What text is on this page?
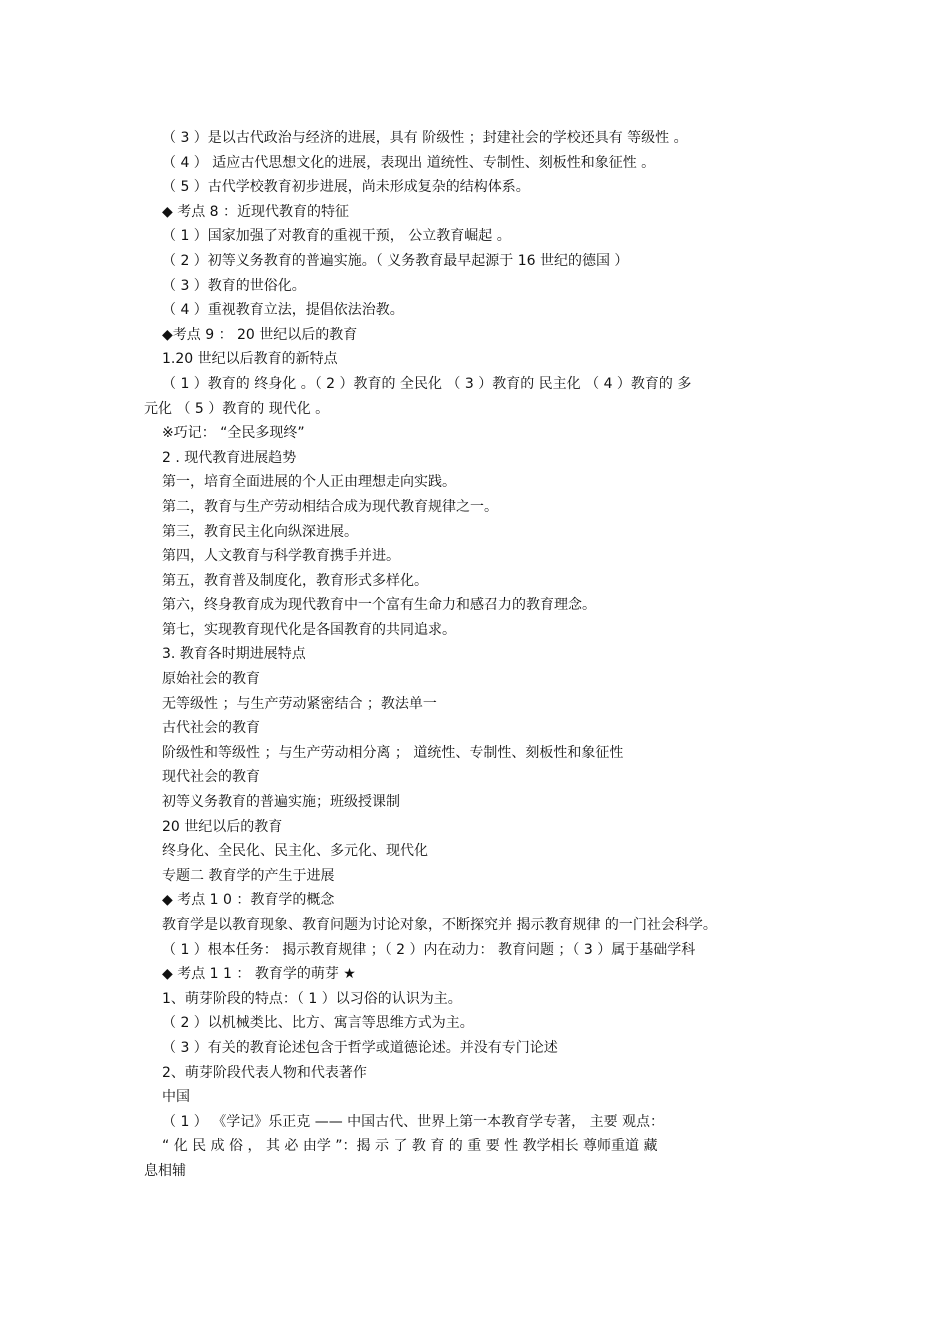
（ 3 ）是以古代政治与经济的进展，具有 阶级性 ；封建社会的学校还具有 等级性 。
（ 4 ） 适应古代思想文化的进展，表现出 道统性、专制性、刻板性和象征性 。
（ 5 ）古代学校教育初步进展，尚未形成复杂的结构体系。
◆ 考点 8 ：近现代教育的特征
（ 1 ）国家加强了对教育的重视干预， 公立教育崛起 。
（ 2 ）初等义务教育的普遍实施。（ 义务教育最早起源于 16 世纪的德国 ）
（ 3 ）教育的世俗化。
（ 4 ）重视教育立法，提倡依法治教。
◆考点 9 ： 20 世纪以后的教育
1.20 世纪以后教育的新特点
（ 1 ）教育的 终身化 。（ 2 ）教育的 全民化 （ 3 ）教育的 民主化 （ 4 ）教育的 多
元化 （ 5 ）教育的 现代化 。
※巧记： “全民多现终”
2 . 现代教育进展趋势
第一，培育全面进展的个人正由理想走向实践。
第二，教育与生产劳动相结合成为现代教育规律之一。
第三，教育民主化向纵深进展。
第四，人文教育与科学教育携手并进。
第五，教育普及制度化，教育形式多样化。
第六，终身教育成为现代教育中一个富有生命力和感召力的教育理念。
第七，实现教育现代化是各国教育的共同追求。
3. 教育各时期进展特点
原始社会的教育
无等级性 ；与生产劳动紧密结合 ；教法单一
古代社会的教育
阶级性和等级性 ；与生产劳动相分离 ； 道统性、专制性、刻板性和象征性
现代社会的教育
初等义务教育的普遍实施；班级授课制
20 世纪以后的教育
终身化、全民化、民主化、多元化、现代化
专题二 教育学的产生于进展
◆ 考点 1 0 ：教育学的概念
教育学是以教育现象、教育问题为讨论对象，不断探究并 揭示教育规律 的一门社会科学。
（ 1 ）根本任务： 揭示教育规律 ；（ 2 ）内在动力： 教育问题 ；（ 3 ）属于基础学科
◆ 考点 1 1 ： 教育学的萌芽 ★
1、萌芽阶段的特点：（ 1 ）以习俗的认识为主。
（ 2 ）以机械类比、比方、寓言等思维方式为主。
（ 3 ）有关的教育论述包含于哲学或道德论述。并没有专门论述
2、萌芽阶段代表人物和代表著作
中国
（ 1 ） 《学记》乐正克 —— 中国古代、世界上第一本教育学专著， 主要 观点：
“ 化 民 成 俗 ， 其 必 由学 ”：揭 示 了 教 育 的 重 要 性 教学相长 尊师重道 藏
息相辅
